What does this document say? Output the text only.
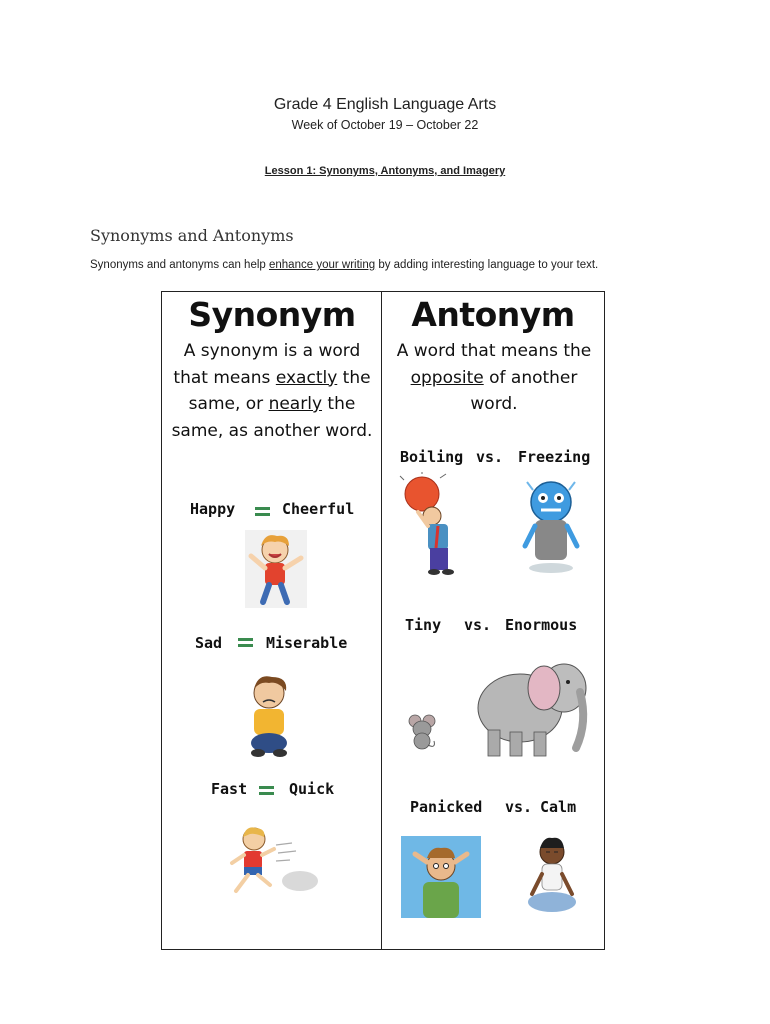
Grade 4 English Language Arts
Week of October 19 – October 22
Lesson 1: Synonyms, Antonyms, and Imagery
Synonyms and Antonyms
Synonyms and antonyms can help enhance your writing by adding interesting language to your text.
Synonym	Antonym
A synonym is a word that means exactly the same, or nearly the same, as another word.
A word that means the opposite of another word.
Happy	Cheerful
Sad	Miserable
Fast	Quick
Boiling vs. Freezing
Tiny vs. Enormous
Panicked vs. Calm
